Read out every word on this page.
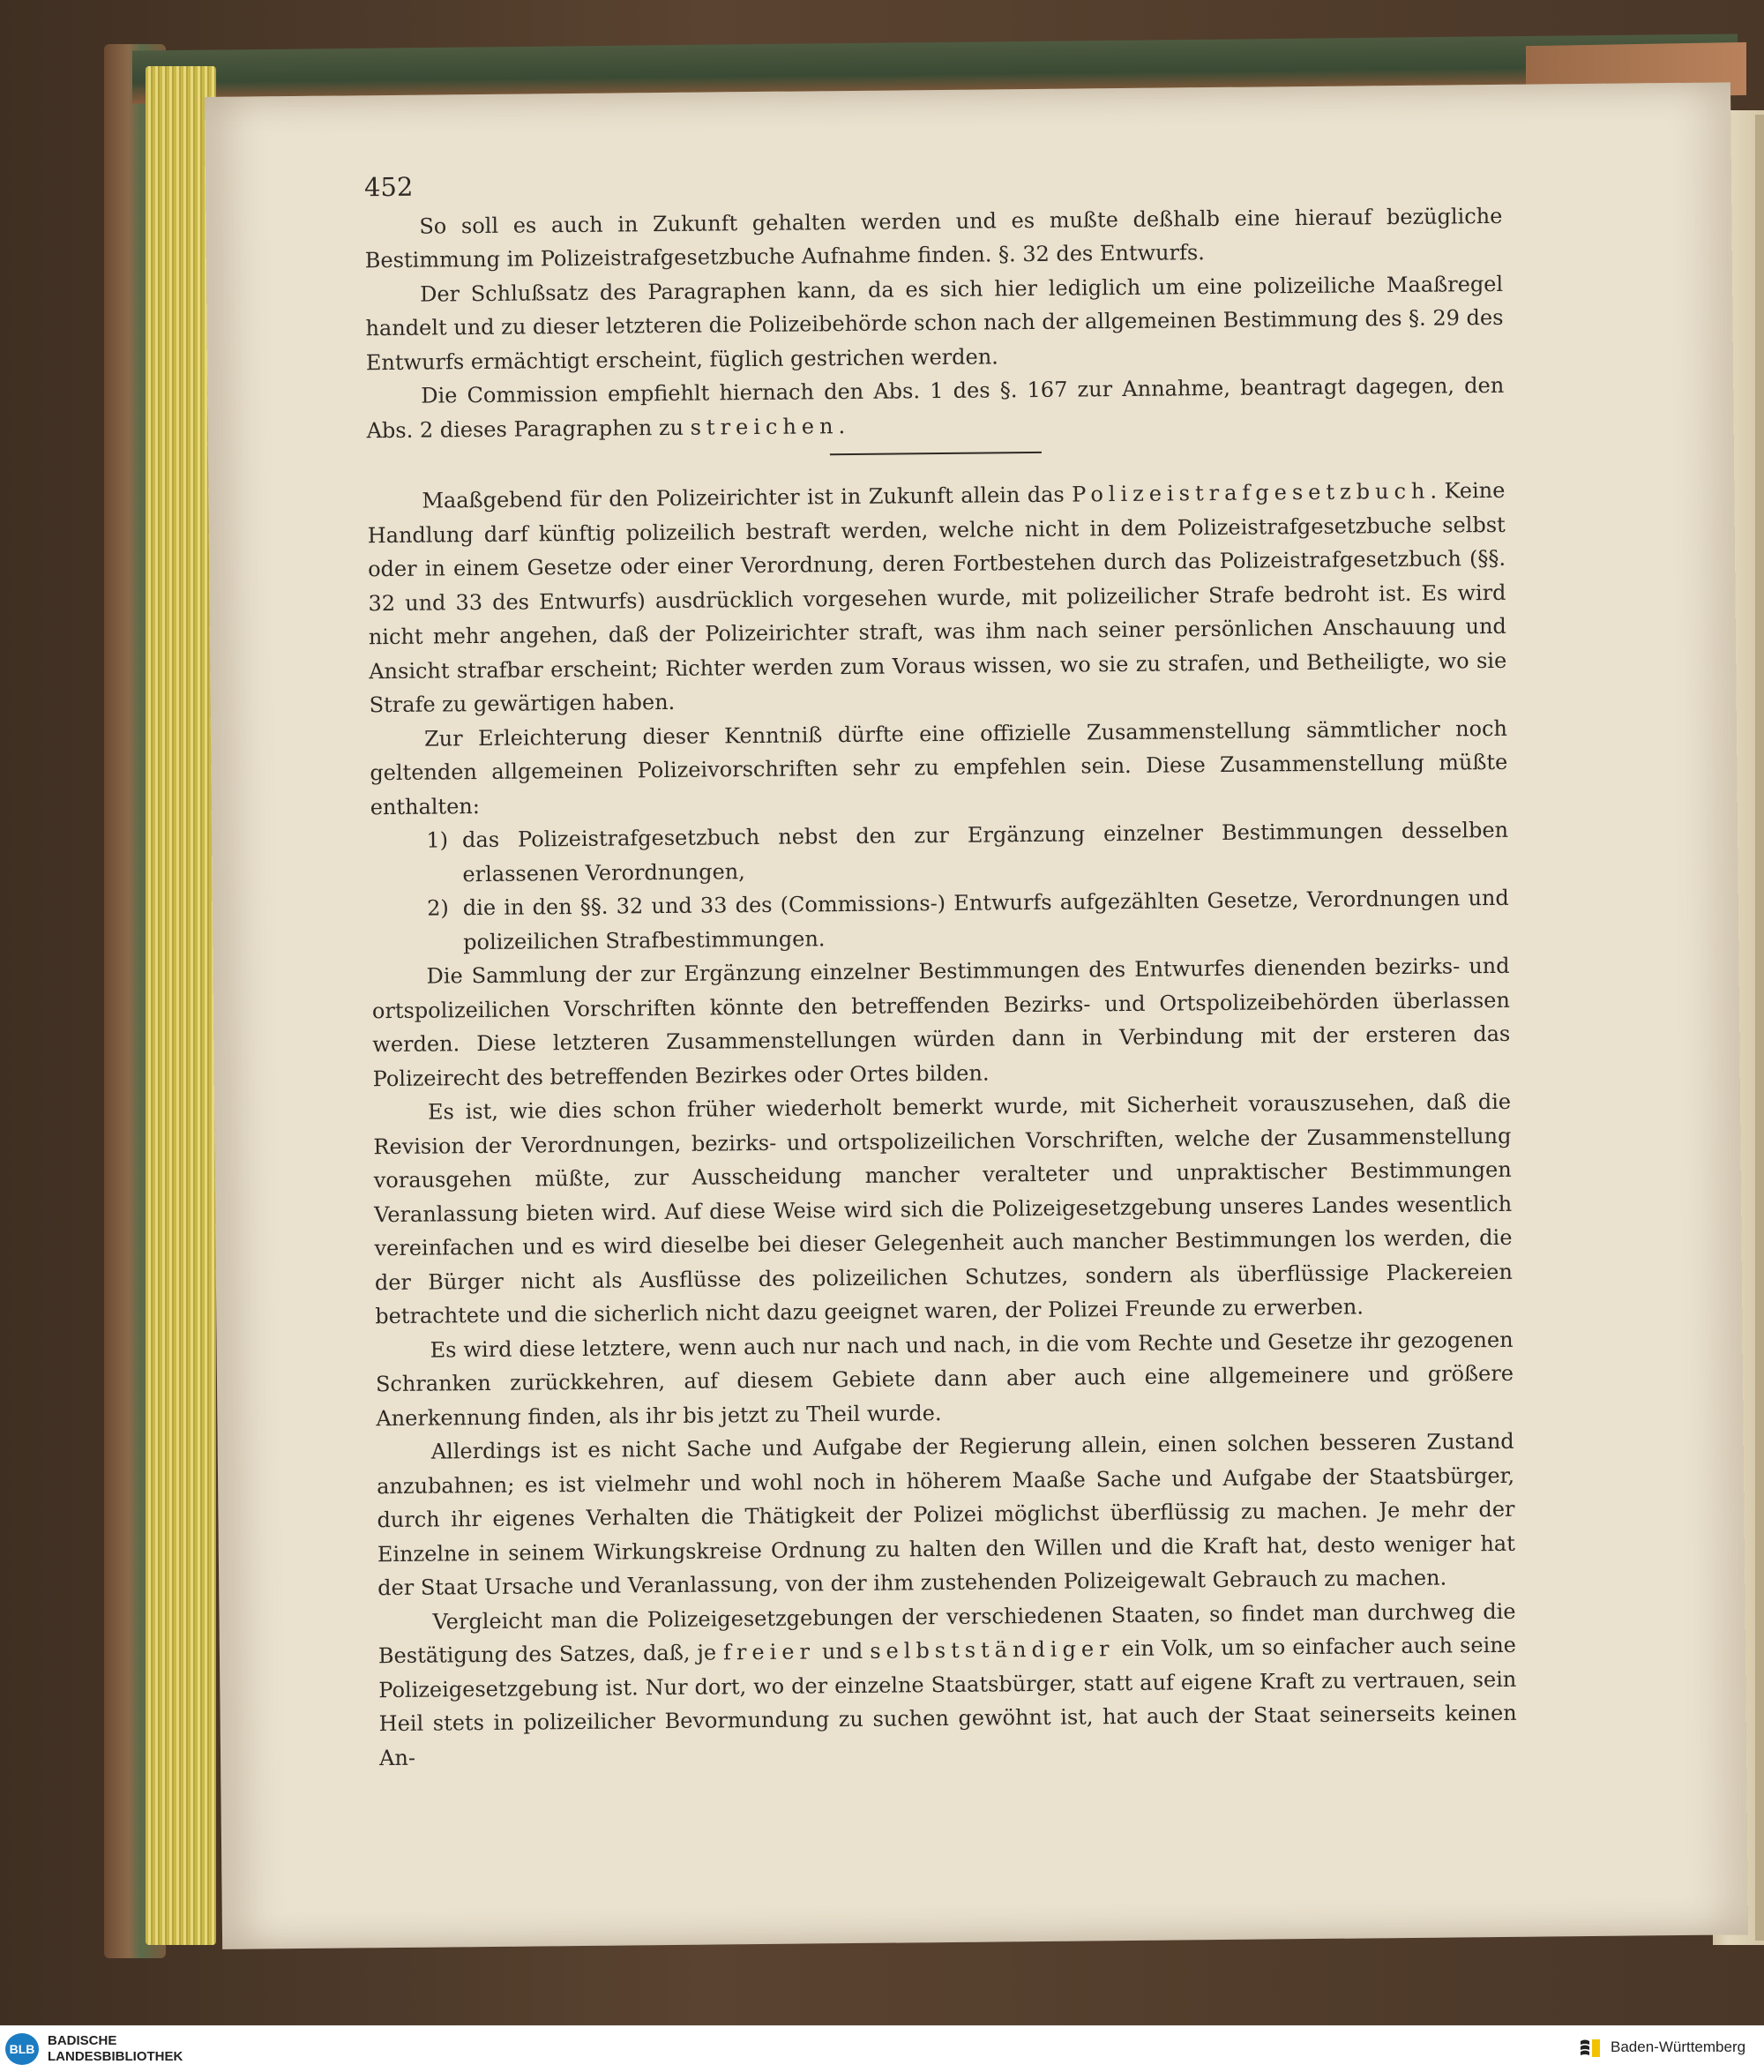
452

So soll es auch in Zukunft gehalten werden und es mußte deßhalb eine hierauf bezügliche Bestimmung im Polizeistrafgesetzbuche Aufnahme finden. §. 32 des Entwurfs.

Der Schlußsatz des Paragraphen kann, da es sich hier lediglich um eine polizeiliche Maaßregel handelt und zu dieser letzteren die Polizeibehörde schon nach der allgemeinen Bestimmung des §. 29 des Entwurfs ermächtigt erscheint, füglich gestrichen werden.

Die Commission empfiehlt hiernach den Abs. 1 des §. 167 zur Annahme, beantragt dagegen, den Abs. 2 dieses Paragraphen zu streichen.

Maaßgebend für den Polizeirichter ist in Zukunft allein das Polizeistrafgesetzbuch. Keine Handlung darf künftig polizeilich bestraft werden, welche nicht in dem Polizeistrafgesetzbuche selbst oder in einem Gesetze oder einer Verordnung, deren Fortbestehen durch das Polizeistrafgesetzbuch (§§. 32 und 33 des Entwurfs) ausdrücklich vorgesehen wurde, mit polizeilicher Strafe bedroht ist. Es wird nicht mehr angehen, daß der Polizeirichter straft, was ihm nach seiner persönlichen Anschauung und Ansicht strafbar erscheint; Richter werden zum Voraus wissen, wo sie zu strafen, und Betheiligte, wo sie Strafe zu gewärtigen haben.

Zur Erleichterung dieser Kenntniß dürfte eine offizielle Zusammenstellung sämmtlicher noch geltenden allgemeinen Polizeivorschriften sehr zu empfehlen sein. Diese Zusammenstellung müßte enthalten:

1) das Polizeistrafgesetzbuch nebst den zur Ergänzung einzelner Bestimmungen desselben erlassenen Verordnungen,
2) die in den §§. 32 und 33 des (Commissions-) Entwurfs aufgezählten Gesetze, Verordnungen und polizeilichen Strafbestimmungen.

Die Sammlung der zur Ergänzung einzelner Bestimmungen des Entwurfes dienenden bezirks- und ortspolizeilichen Vorschriften könnte den betreffenden Bezirks- und Ortspolizeibehörden überlassen werden. Diese letzteren Zusammenstellungen würden dann in Verbindung mit der ersteren das Polizeirecht des betreffenden Bezirkes oder Ortes bilden.

Es ist, wie dies schon früher wiederholt bemerkt wurde, mit Sicherheit vorauszusehen, daß die Revision der Verordnungen, bezirks- und ortspolizeilichen Vorschriften, welche der Zusammenstellung vorausgehen müßte, zur Ausscheidung mancher veralteter und unpraktischer Bestimmungen Veranlassung bieten wird. Auf diese Weise wird sich die Polizeigesetzgebung unseres Landes wesentlich vereinfachen und es wird dieselbe bei dieser Gelegenheit auch mancher Bestimmungen los werden, die der Bürger nicht als Ausflüsse des polizeilichen Schutzes, sondern als überflüssige Plackereien betrachtete und die sicherlich nicht dazu geeignet waren, der Polizei Freunde zu erwerben.

Es wird diese letztere, wenn auch nur nach und nach, in die vom Rechte und Gesetze ihr gezogenen Schranken zurückkehren, auf diesem Gebiete dann aber auch eine allgemeinere und größere Anerkennung finden, als ihr bis jetzt zu Theil wurde.

Allerdings ist es nicht Sache und Aufgabe der Regierung allein, einen solchen besseren Zustand anzubahnen; es ist vielmehr und wohl noch in höherem Maaße Sache und Aufgabe der Staatsbürger, durch ihr eigenes Verhalten die Thätigkeit der Polizei möglichst überflüssig zu machen. Je mehr der Einzelne in seinem Wirkungskreise Ordnung zu halten den Willen und die Kraft hat, desto weniger hat der Staat Ursache und Veranlassung, von der ihm zustehenden Polizeigewalt Gebrauch zu machen.

Vergleicht man die Polizeigesetzgebungen der verschiedenen Staaten, so findet man durchweg die Bestätigung des Satzes, daß, je freier und selbstständiger ein Volk, um so einfacher auch seine Polizeigesetzgebung ist. Nur dort, wo der einzelne Staatsbürger, statt auf eigene Kraft zu vertrauen, sein Heil stets in polizeilicher Bevormundung zu suchen gewöhnt ist, hat auch der Staat seinerseits keinen An-

BLB
BADISCHE
LANDESBIBLIOTHEK
Baden-Württemberg
